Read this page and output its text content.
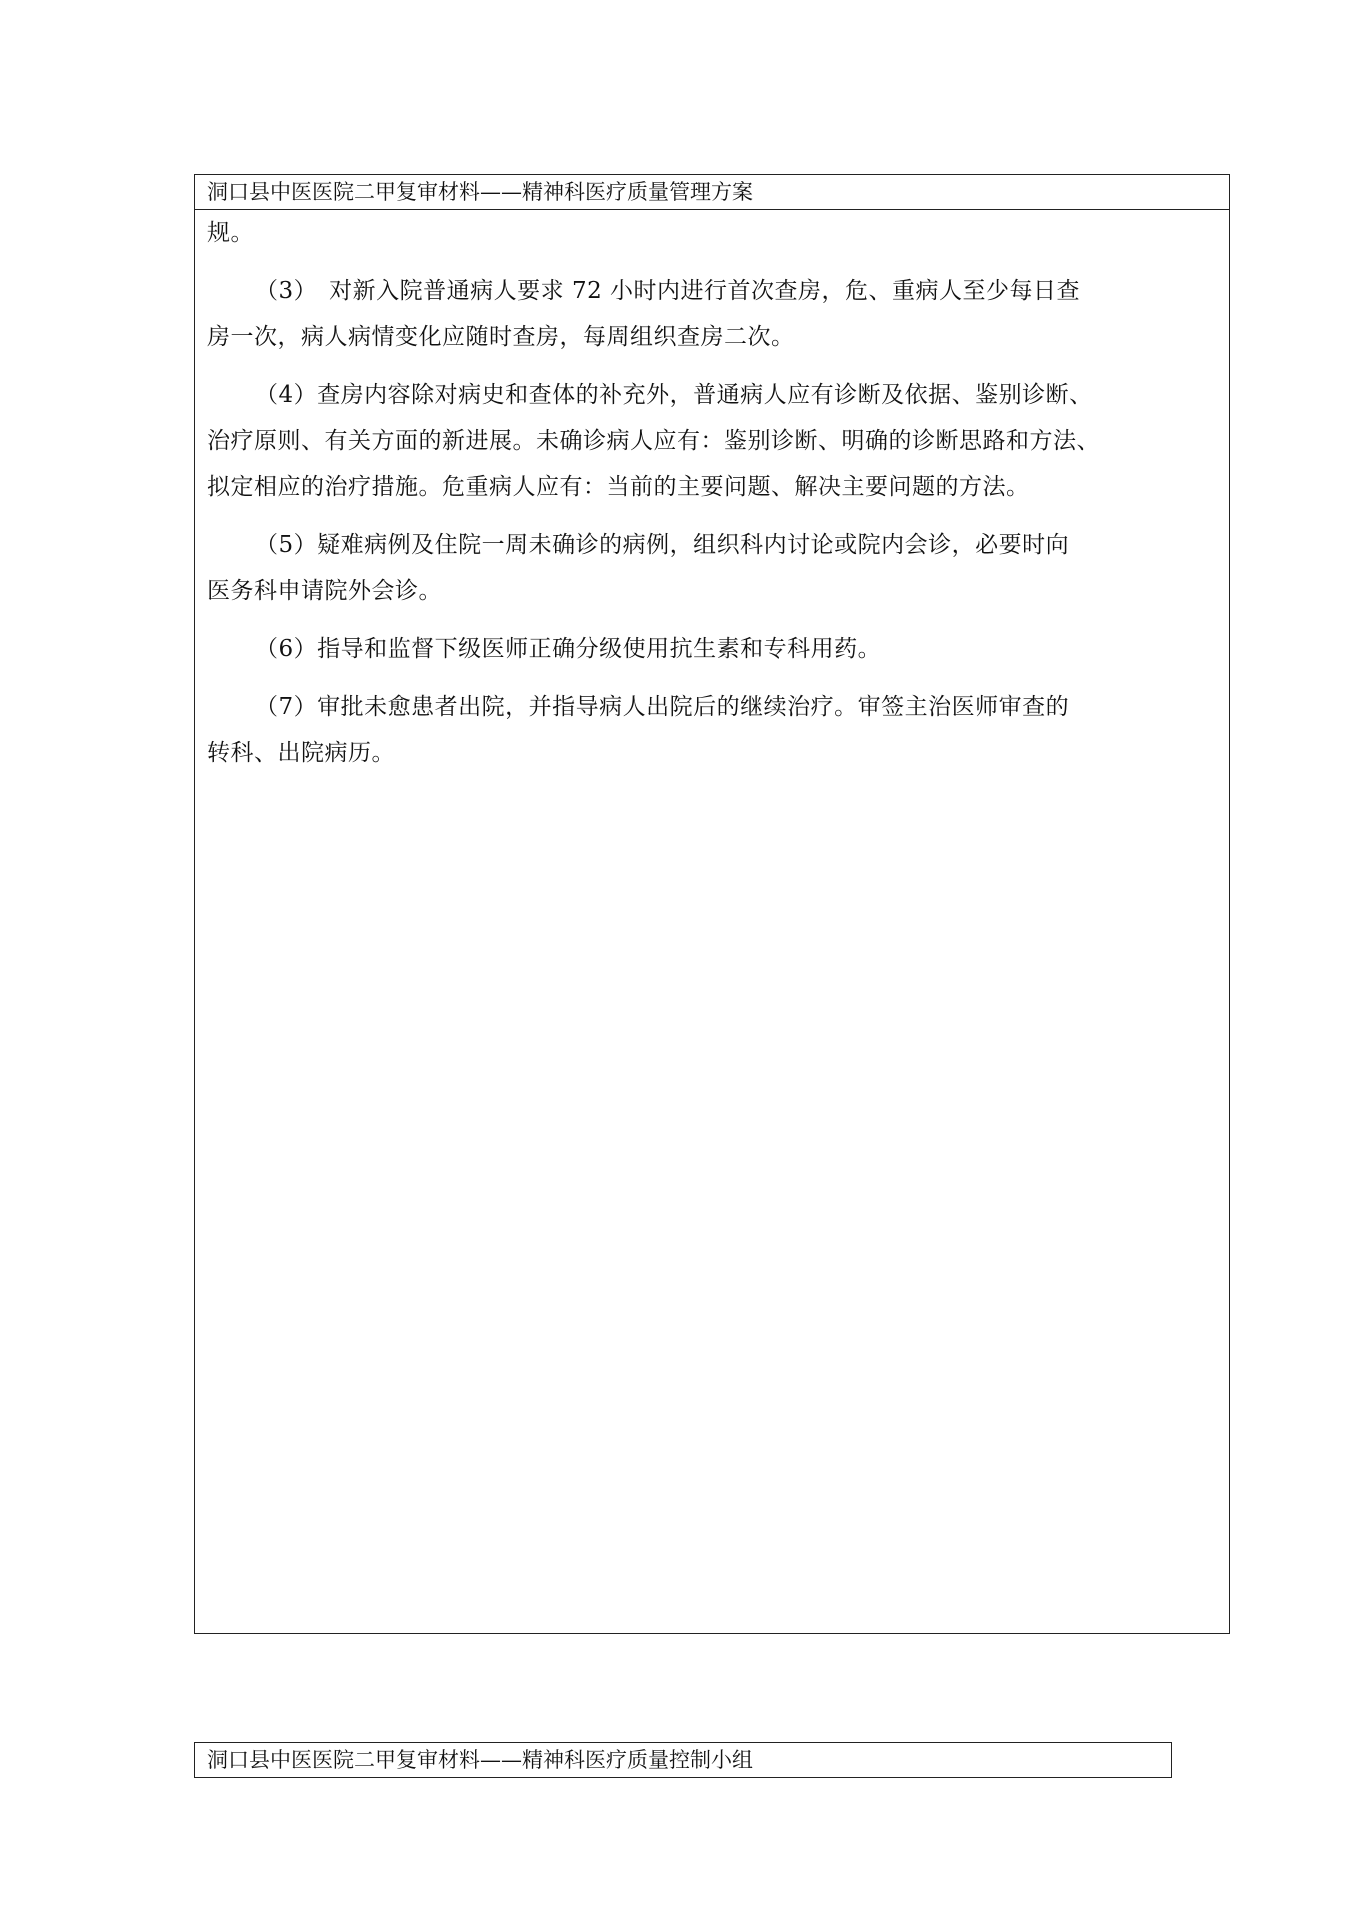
洞口县中医医院二甲复审材料——精神科医疗质量管理方案

规。

（3）　对新入院普通病人要求 72 小时内进行首次查房，危、重病人至少每日查

房一次，病人病情变化应随时查房，每周组织查房二次。

（4）查房内容除对病史和查体的补充外，普通病人应有诊断及依据、鉴别诊断、

治疗原则、有关方面的新进展。未确诊病人应有：鉴别诊断、明确的诊断思路和方法、

拟定相应的治疗措施。危重病人应有：当前的主要问题、解决主要问题的方法。

（5）疑难病例及住院一周未确诊的病例，组织科内讨论或院内会诊，必要时向

医务科申请院外会诊。

（6）指导和监督下级医师正确分级使用抗生素和专科用药。

（7）审批未愈患者出院，并指导病人出院后的继续治疗。审签主治医师审查的

转科、出院病历。

洞口县中医医院二甲复审材料——精神科医疗质量控制小组
